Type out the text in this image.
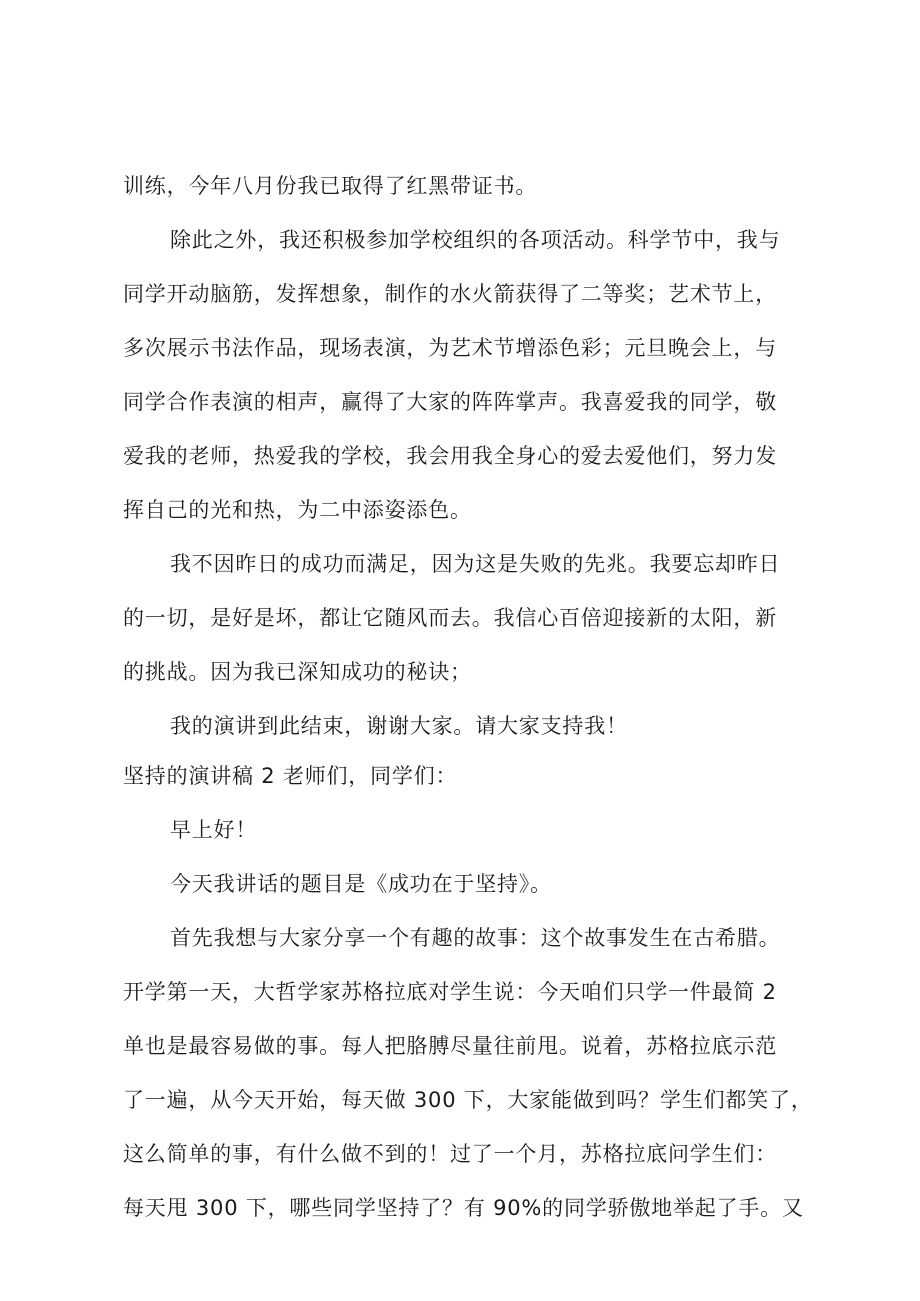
训练，今年八月份我已取得了红黑带证书。
除此之外，我还积极参加学校组织的各项活动。科学节中，我与
同学开动脑筋，发挥想象，制作的水火箭获得了二等奖；艺术节上，
多次展示书法作品，现场表演，为艺术节增添色彩；元旦晚会上，与
同学合作表演的相声，赢得了大家的阵阵掌声。我喜爱我的同学，敬
爱我的老师，热爱我的学校，我会用我全身心的爱去爱他们，努力发
挥自己的光和热，为二中添姿添色。
我不因昨日的成功而满足，因为这是失败的先兆。我要忘却昨日
的一切，是好是坏，都让它随风而去。我信心百倍迎接新的太阳，新
的挑战。因为我已深知成功的秘诀；
我的演讲到此结束，谢谢大家。请大家支持我！
坚持的演讲稿 2 老师们，同学们：
早上好！
今天我讲话的题目是《成功在于坚持》。
首先我想与大家分享一个有趣的故事：这个故事发生在古希腊。
开学第一天，大哲学家苏格拉底对学生说：今天咱们只学一件最简 2
单也是最容易做的事。每人把胳膊尽量往前甩。说着，苏格拉底示范
了一遍，从今天开始，每天做 300 下，大家能做到吗？学生们都笑了，
这么简单的事，有什么做不到的！过了一个月，苏格拉底问学生们：
每天甩 300 下，哪些同学坚持了？有 90%的同学骄傲地举起了手。又
